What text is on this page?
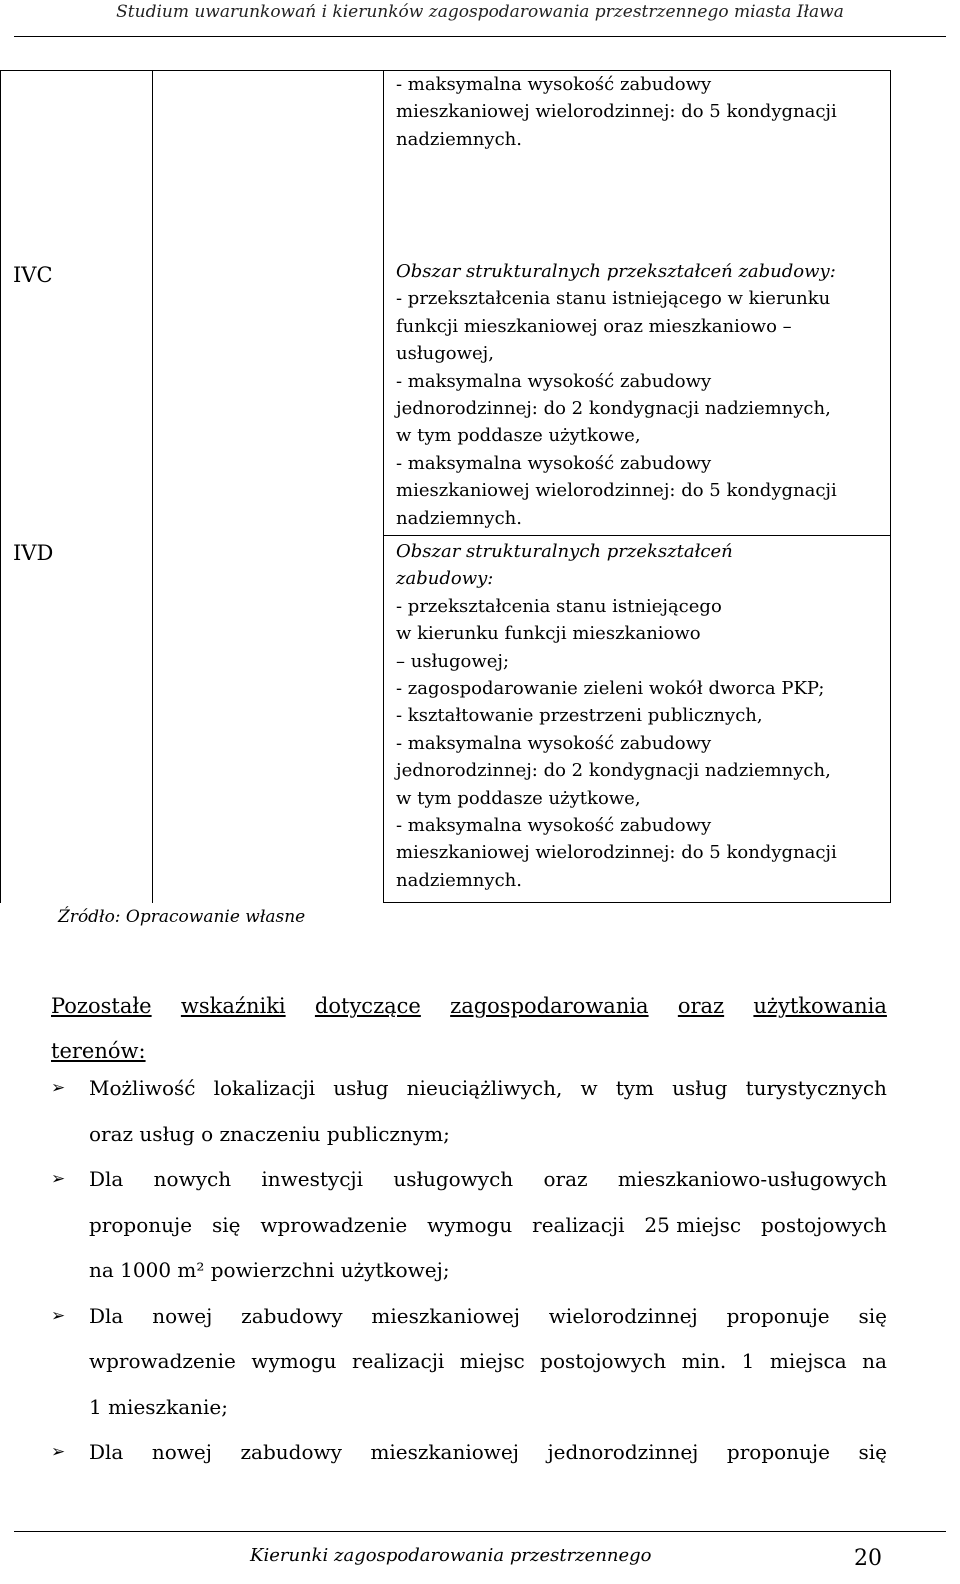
Studium uwarunkowań i kierunków zagospodarowania przestrzennego miasta Iława
IVC
IVD
- maksymalna wysokość zabudowy
mieszkaniowej wielorodzinnej: do 5 kondygnacji
nadziemnych.
Obszar strukturalnych przekształceń zabudowy:
- przekształcenia stanu istniejącego w kierunku
funkcji mieszkaniowej oraz mieszkaniowo –
usługowej,
- maksymalna wysokość zabudowy
jednorodzinnej: do 2 kondygnacji nadziemnych,
w tym poddasze użytkowe,
- maksymalna wysokość zabudowy
mieszkaniowej wielorodzinnej: do 5 kondygnacji
nadziemnych.
Obszar strukturalnych przekształceń
zabudowy:
- przekształcenia stanu istniejącego
w kierunku funkcji mieszkaniowo
– usługowej;
- zagospodarowanie zieleni wokół dworca PKP;
- kształtowanie przestrzeni publicznych,
- maksymalna wysokość zabudowy
jednorodzinnej: do 2 kondygnacji nadziemnych,
w tym poddasze użytkowe,
- maksymalna wysokość zabudowy
mieszkaniowej wielorodzinnej: do 5 kondygnacji
nadziemnych.
Źródło: Opracowanie własne
Pozostałe wskaźniki dotyczące zagospodarowania oraz użytkowania
terenów:
➢ Możliwość lokalizacji usług nieuciążliwych, w tym usług turystycznych
oraz usług o znaczeniu publicznym;
➢ Dla nowych inwestycji usługowych oraz mieszkaniowo-usługowych
proponuje się wprowadzenie wymogu realizacji 25 miejsc postojowych
na 1000 m² powierzchni użytkowej;
➢ Dla nowej zabudowy mieszkaniowej wielorodzinnej proponuje się
wprowadzenie wymogu realizacji miejsc postojowych min. 1 miejsca na
1 mieszkanie;
➢ Dla nowej zabudowy mieszkaniowej jednorodzinnej proponuje się
Kierunki zagospodarowania przestrzennego	20
